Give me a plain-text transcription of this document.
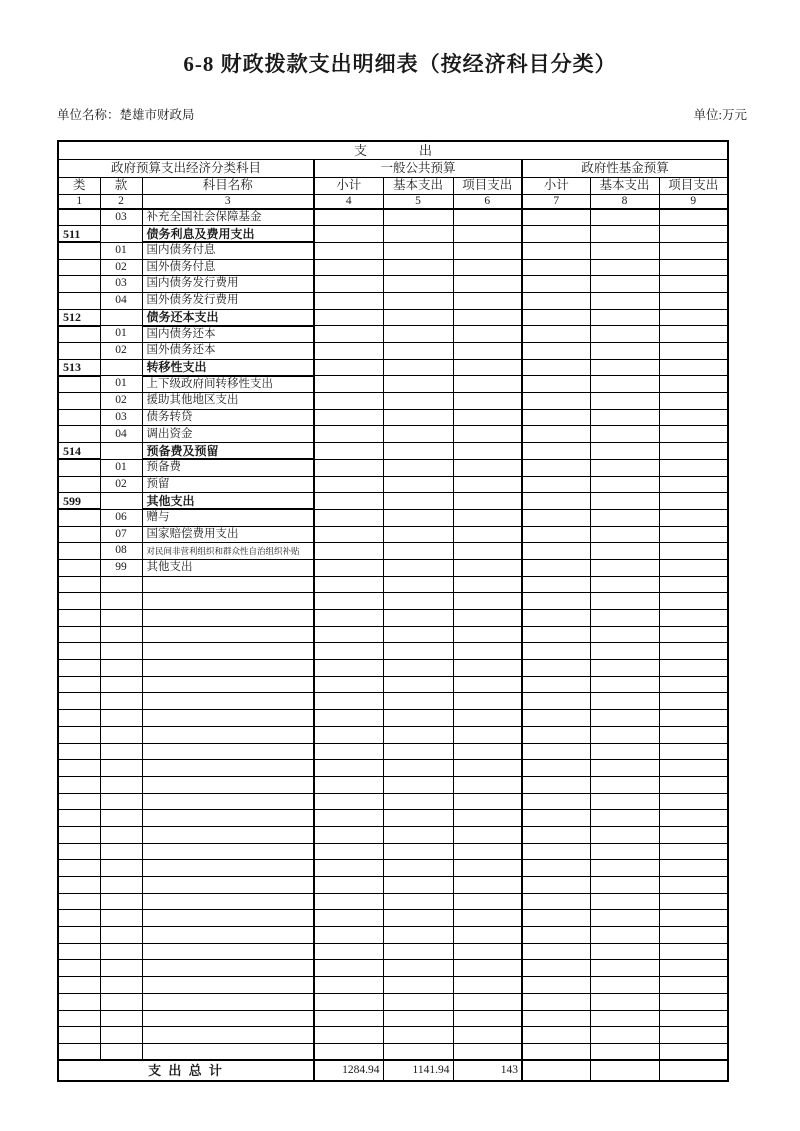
6-8 财政拨款支出明细表（按经济科目分类）
单位名称：楚雄市财政局	单位:万元
支　　　　出								
政府预算支出经济分类科目			一般公共预算			政府性基金预算		
类	款	科目名称	小计	基本支出	项目支出	小计	基本支出	项目支出
1	2	3	4	5	6	7	8	9
	03	补充全国社会保障基金						
511		债务利息及费用支出						
	01	国内债务付息						
	02	国外债务付息						
	03	国内债务发行费用						
	04	国外债务发行费用						
512		债务还本支出						
	01	国内债务还本						
	02	国外债务还本						
513		转移性支出						
	01	上下级政府间转移性支出						
	02	援助其他地区支出						
	03	债务转贷						
	04	调出资金						
514		预备费及预留						
	01	预备费						
	02	预留						
599		其他支出						
	06	赠与						
	07	国家赔偿费用支出						
	08	对民间非营利组织和群众性自治组织补贴						
	99	其他支出						

支 出 总 计			1284.94	1141.94	143			
